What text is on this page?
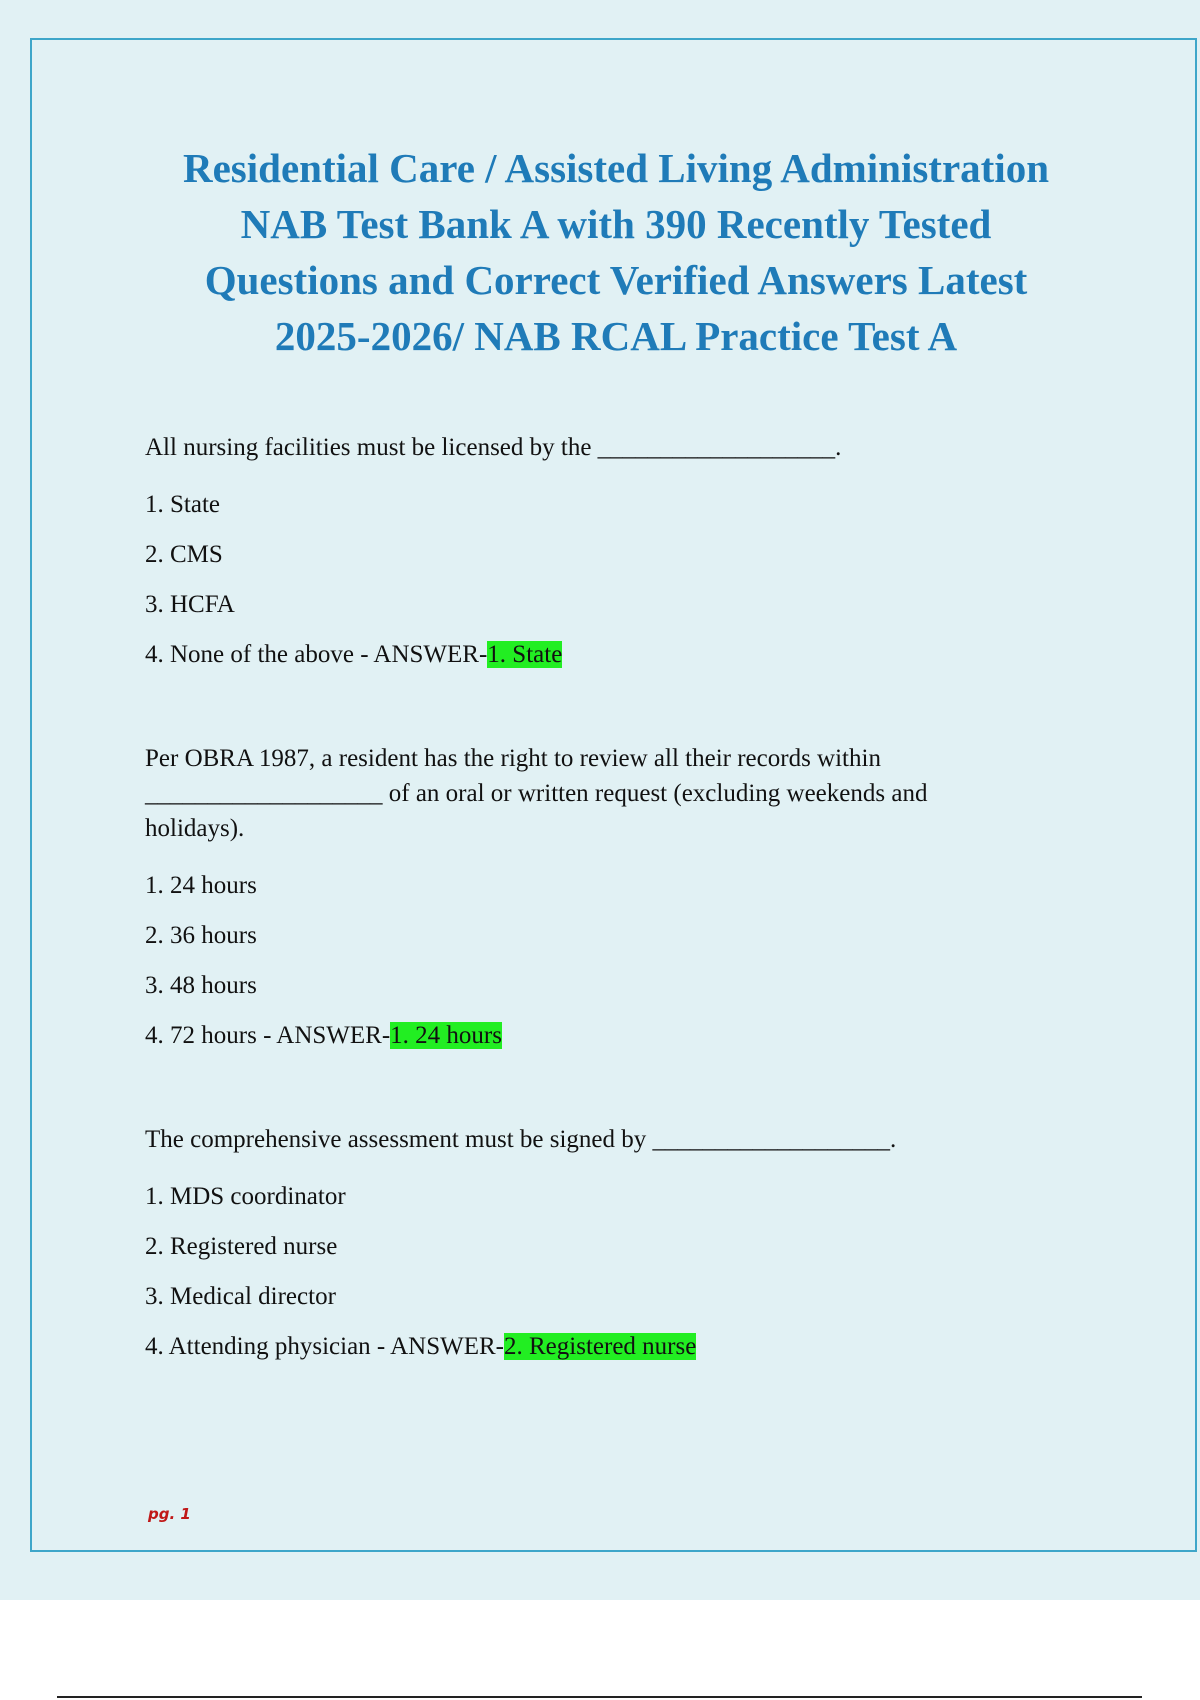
Residential Care / Assisted Living Administration
NAB Test Bank A with 390 Recently Tested
Questions and Correct Verified Answers Latest
2025-2026/ NAB RCAL Practice Test A

All nursing facilities must be licensed by the ___________________.

1. State

2. CMS

3. HCFA

4. None of the above - ANSWER-1. State

Per OBRA 1987, a resident has the right to review all their records within
___________________ of an oral or written request (excluding weekends and
holidays).

1. 24 hours

2. 36 hours

3. 48 hours

4. 72 hours - ANSWER-1. 24 hours

The comprehensive assessment must be signed by ___________________.

1. MDS coordinator

2. Registered nurse

3. Medical director

4. Attending physician - ANSWER-2. Registered nurse

pg. 1
